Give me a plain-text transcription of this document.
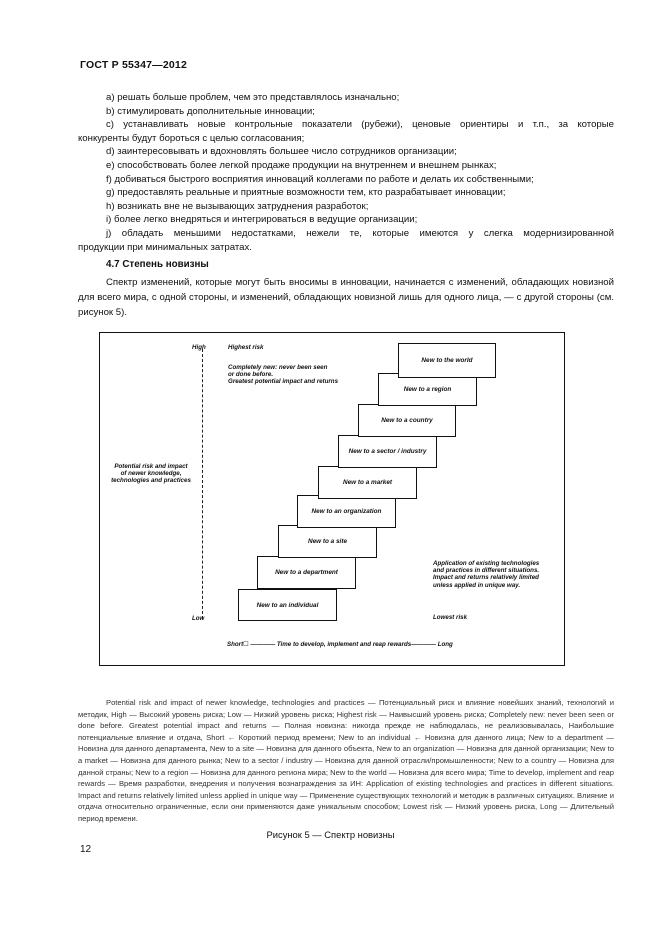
ГОСТ Р 55347—2012

a) решать больше проблем, чем это представлялось изначально;

b) стимулировать дополнительные инновации;

c) устанавливать новые контрольные показатели (рубежи), ценовые ориентиры и т.п., за которые

конкуренты будут бороться с целью согласования;

d) заинтересовывать и вдохновлять большее число сотрудников организации;

e) способствовать более легкой продаже продукции на внутреннем и внешнем рынках;

f) добиваться быстрого восприятия инноваций коллегами по работе и делать их собственными;

g) предоставлять реальные и приятные возможности тем, кто разрабатывает инновации;

h) возникать вне не вызывающих затруднения разработок;

i) более легко внедряться и интегрироваться в ведущие организации;

j) обладать меньшими недостатками, нежели те, которые имеются у слегка модернизированной

продукции при минимальных затратах.

4.7 Степень новизны

Спектр изменений, которые могут быть вносимы в инновации, начинается с изменений, обладающих новизной для всего мира, с одной стороны, и изменений, обладающих новизной лишь для одного лица, — с другой стороны (см. рисунок 5).

High
Low
Potential risk and impact
of newer knowledge,
technologies and practices
Highest risk
Completely new: never been seen
or done before.
Greatest potential impact and returns
Application of existing technologies
and practices in different situations.
Impact and returns relatively limited
unless applied in unique way.
Lowest risk
Short☐ ———— Time to develop, implement and reap rewards———— Long
New to an individual
New to a department
New to a site
New to an organization
New to a market
New to a sector / industry
New to a country
New to a region
New to the world

Potential risk and impact of newer knowledge, technologies and practices — Потенциальный риск и влияние новейших знаний, технологий и методик, High — Высокий уровень риска; Low — Низкий уровень риска; Highest risk — Наивысший уровень риска; Completely new: never been seen or done before. Greatest potential impact and returns — Полная новизна: никогда прежде не наблюдалась, не реализовывалась, Наибольшие потенциальные влияние и отдача, Short ← Короткий период времени; New to an individual ← Новизна для данного лица; New to a department — Новизна для данного департамента, New to a site — Новизна для данного объекта, New to an organization — Новизна для данной организации; New to a market — Новизна для данного рынка; New to a sector / industry — Новизна для данной отрасли/промышленности; New to a country — Новизна для данной страны; New to a region — Новизна для данного региона мира; New to the world — Новизна для всего мира; Time to develop, implement and reap rewards — Время разработки, внедрения и получения вознаграждения за ИН: Application of existing technologies and practices in different situations. Impact and returns relatively limited unless applied in unique way — Применение существующих технологий и методик в различных ситуациях. Влияние и отдача относительно ограниченные, если они применяются даже уникальным способом; Lowest risk — Низкий уровень риска, Long — Длительный период времени.

Рисунок 5 — Спектр новизны
12
